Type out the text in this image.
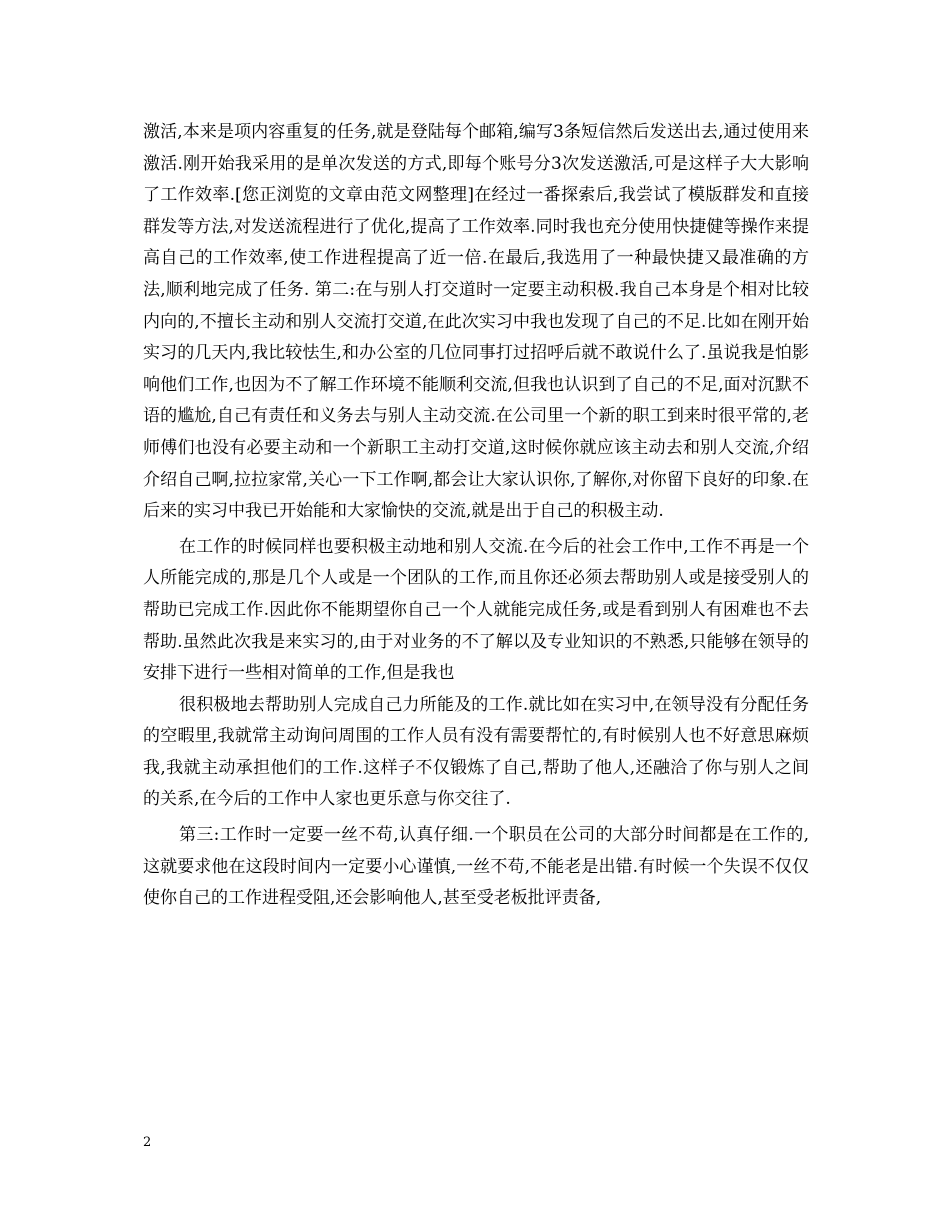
激活,本来是项内容重复的任务,就是登陆每个邮箱,编写3条短信然后发送出去,通过使用来激活.刚开始我采用的是单次发送的方式,即每个账号分3次发送激活,可是这样子大大影响了工作效率.[您正浏览的文章由范文网整理]在经过一番探索后,我尝试了模版群发和直接群发等方法,对发送流程进行了优化,提高了工作效率.同时我也充分使用快捷健等操作来提高自己的工作效率,使工作进程提高了近一倍.在最后,我选用了一种最快捷又最准确的方法,顺利地完成了任务. 第二:在与别人打交道时一定要主动积极.我自己本身是个相对比较内向的,不擅长主动和别人交流打交道,在此次实习中我也发现了自己的不足.比如在刚开始实习的几天内,我比较怯生,和办公室的几位同事打过招呼后就不敢说什么了.虽说我是怕影响他们工作,也因为不了解工作环境不能顺利交流,但我也认识到了自己的不足,面对沉默不语的尴尬,自己有责任和义务去与别人主动交流.在公司里一个新的职工到来时很平常的,老师傅们也没有必要主动和一个新职工主动打交道,这时候你就应该主动去和别人交流,介绍介绍自己啊,拉拉家常,关心一下工作啊,都会让大家认识你,了解你,对你留下良好的印象.在后来的实习中我已开始能和大家愉快的交流,就是出于自己的积极主动.

在工作的时候同样也要积极主动地和别人交流.在今后的社会工作中,工作不再是一个人所能完成的,那是几个人或是一个团队的工作,而且你还必须去帮助别人或是接受别人的帮助已完成工作.因此你不能期望你自己一个人就能完成任务,或是看到别人有困难也不去帮助.虽然此次我是来实习的,由于对业务的不了解以及专业知识的不熟悉,只能够在领导的安排下进行一些相对简单的工作,但是我也

很积极地去帮助别人完成自己力所能及的工作.就比如在实习中,在领导没有分配任务的空暇里,我就常主动询问周围的工作人员有没有需要帮忙的,有时候别人也不好意思麻烦我,我就主动承担他们的工作.这样子不仅锻炼了自己,帮助了他人,还融洽了你与别人之间的关系,在今后的工作中人家也更乐意与你交往了.

第三:工作时一定要一丝不苟,认真仔细.一个职员在公司的大部分时间都是在工作的,这就要求他在这段时间内一定要小心谨慎,一丝不苟,不能老是出错.有时候一个失误不仅仅使你自己的工作进程受阻,还会影响他人,甚至受老板批评责备,

2
